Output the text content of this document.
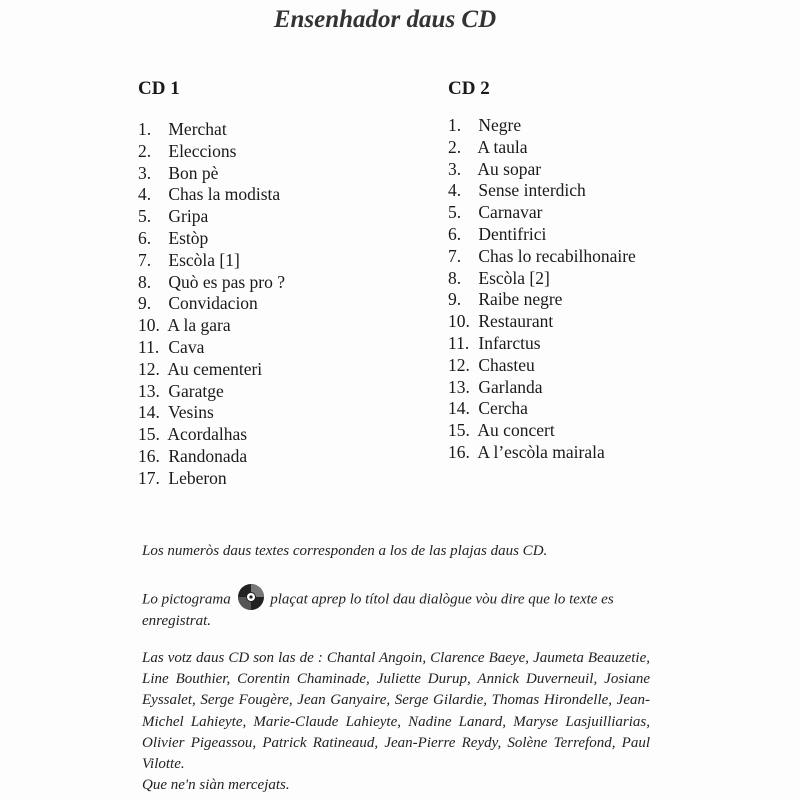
Ensenhador daus CD
CD 1
1. Merchat
2. Eleccions
3. Bon pè
4. Chas la modista
5. Gripa
6. Estòp
7. Escòla [1]
8. Quò es pas pro ?
9. Convidacion
10. A la gara
11. Cava
12. Au cementeri
13. Garatge
14. Vesins
15. Acordalhas
16. Randonada
17. Leberon
CD 2
1. Negre
2. A taula
3. Au sopar
4. Sense interdich
5. Carnavar
6. Dentifrici
7. Chas lo recabilhonaire
8. Escòla [2]
9. Raibe negre
10. Restaurant
11. Infarctus
12. Chasteu
13. Garlanda
14. Cercha
15. Au concert
16. A l’escòla mairala
Los numeròs daus textes corresponden a los de las plajas daus CD.
Lo pictograma	plaçat aprep lo títol dau dialògue vòu dire que lo texte es enregistrat.
Las votz daus CD son las de : Chantal Angoin, Clarence Baeye, Jaumeta Beauzetie, Line Bouthier, Corentin Chaminade, Juliette Durup, Annick Duverneuil, Josiane Eyssalet, Serge Fougère, Jean Ganyaire, Serge Gilardie, Thomas Hirondelle, Jean-Michel Lahieyte, Marie-Claude Lahieyte, Nadine Lanard, Maryse Lasjuilliarias, Olivier Pigeassou, Patrick Ratineaud, Jean-Pierre Reydy, Solène Terrefond, Paul Vilotte.
Que ne'n siàn mercejats.
